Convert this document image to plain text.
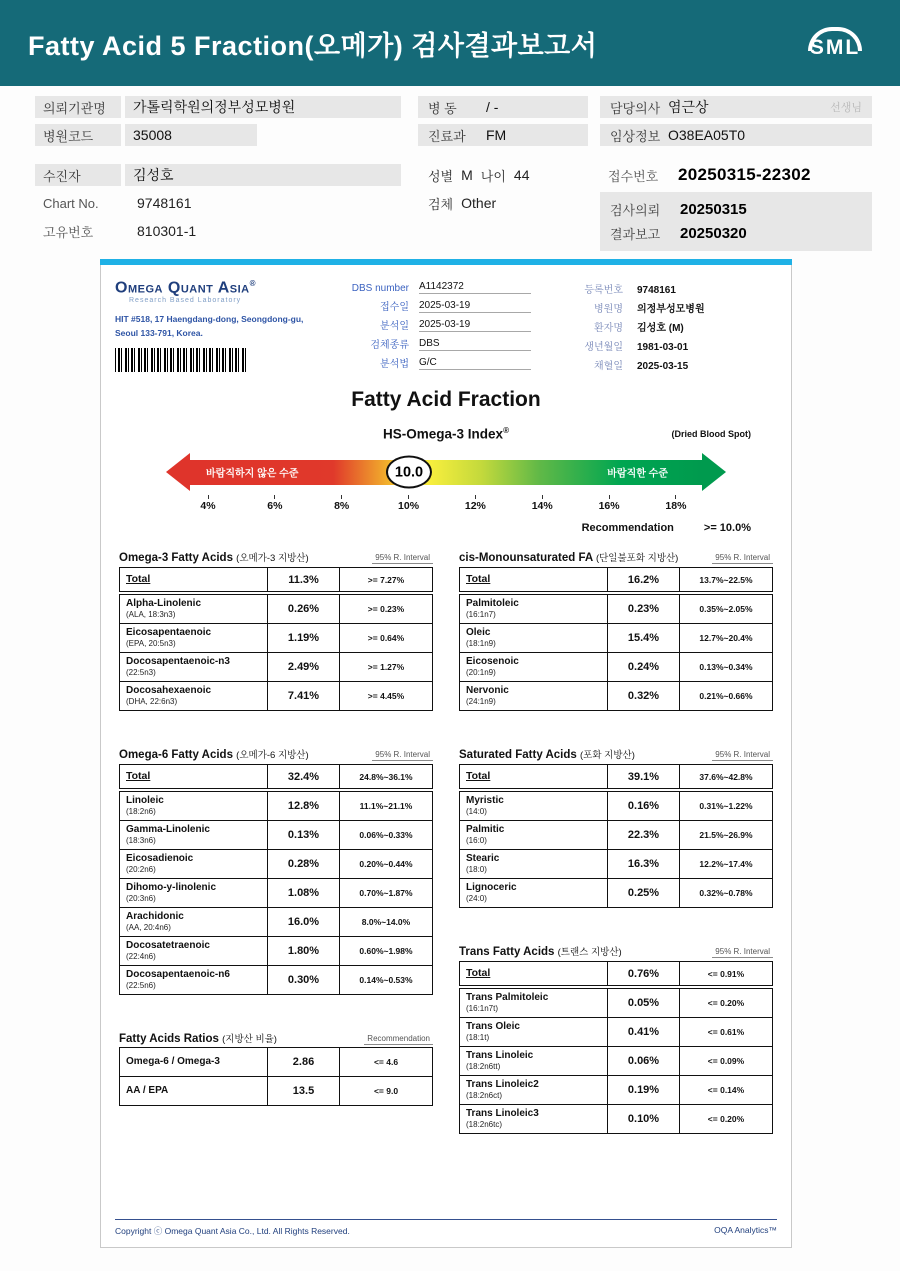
Fatty Acid 5 Fraction(오메가) 검사결과보고서	SML
의뢰기관명	가톨릭학원의정부성모병원
병원코드	35008
수진자	김성호
Chart No.	9748161
고유번호	810301-1
병 동	/ -
진료과	FM
성별 M 나이 44
검체 Other
담당의사 염근상	선생님
임상정보 O38EA05T0
접수번호	20250315-22302
검사의뢰	20250315
결과보고	20250320
Omega Quant Asia®
Research Based Laboratory
HIT #518, 17 Haengdang-dong, Seongdong-gu,
Seoul 133-791, Korea.
DBS number A1142372
접수일 2025-03-19
분석일 2025-03-19
검체종류 DBS
분석법 G/C
등록번호 9748161
병원명 의정부성모병원
환자명 김성호 (M)
생년월일 1981-03-01
채혈일 2025-03-15
Fatty Acid Fraction
HS-Omega-3 Index®	(Dried Blood Spot)
바람직하지 않은 수준	바람직한 수준
10.0
4%	6%	8%	10%	12%	14%	16%	18%
Recommendation	>= 10.0%
Omega-3 Fatty Acids (오메가-3 지방산)	95% R. Interval
Total	11.3%	>= 7.27%
Alpha-Linolenic
(ALA, 18:3n3)	0.26%	>= 0.23%
Eicosapentaenoic
(EPA, 20:5n3)	1.19%	>= 0.64%
Docosapentaenoic-n3
(22:5n3)	2.49%	>= 1.27%
Docosahexaenoic
(DHA, 22:6n3)	7.41%	>= 4.45%
Omega-6 Fatty Acids (오메가-6 지방산)	95% R. Interval
Total	32.4%	24.8%~36.1%
Linoleic
(18:2n6)	12.8%	11.1%~21.1%
Gamma-Linolenic
(18:3n6)	0.13%	0.06%~0.33%
Eicosadienoic
(20:2n6)	0.28%	0.20%~0.44%
Dihomo-y-linolenic
(20:3n6)	1.08%	0.70%~1.87%
Arachidonic
(AA, 20:4n6)	16.0%	8.0%~14.0%
Docosatetraenoic
(22:4n6)	1.80%	0.60%~1.98%
Docosapentaenoic-n6
(22:5n6)	0.30%	0.14%~0.53%
Fatty Acids Ratios (지방산 비율)	Recommendation
Omega-6 / Omega-3	2.86	<= 4.6
AA / EPA	13.5	<= 9.0
cis-Monounsaturated FA (단일불포화 지방산)	95% R. Interval
Total	16.2%	13.7%~22.5%
Palmitoleic
(16:1n7)	0.23%	0.35%~2.05%
Oleic
(18:1n9)	15.4%	12.7%~20.4%
Eicosenoic
(20:1n9)	0.24%	0.13%~0.34%
Nervonic
(24:1n9)	0.32%	0.21%~0.66%
Saturated Fatty Acids (포화 지방산)	95% R. Interval
Total	39.1%	37.6%~42.8%
Myristic
(14:0)	0.16%	0.31%~1.22%
Palmitic
(16:0)	22.3%	21.5%~26.9%
Stearic
(18:0)	16.3%	12.2%~17.4%
Lignoceric
(24:0)	0.25%	0.32%~0.78%
Trans Fatty Acids (트랜스 지방산)	95% R. Interval
Total	0.76%	<= 0.91%
Trans Palmitoleic
(16:1n7t)	0.05%	<= 0.20%
Trans Oleic
(18:1t)	0.41%	<= 0.61%
Trans Linoleic
(18:2n6tt)	0.06%	<= 0.09%
Trans Linoleic2
(18:2n6ct)	0.19%	<= 0.14%
Trans Linoleic3
(18:2n6tc)	0.10%	<= 0.20%
Copyright ⓒ Omega Quant Asia Co., Ltd. All Rights Reserved.	OQA Analytics™
